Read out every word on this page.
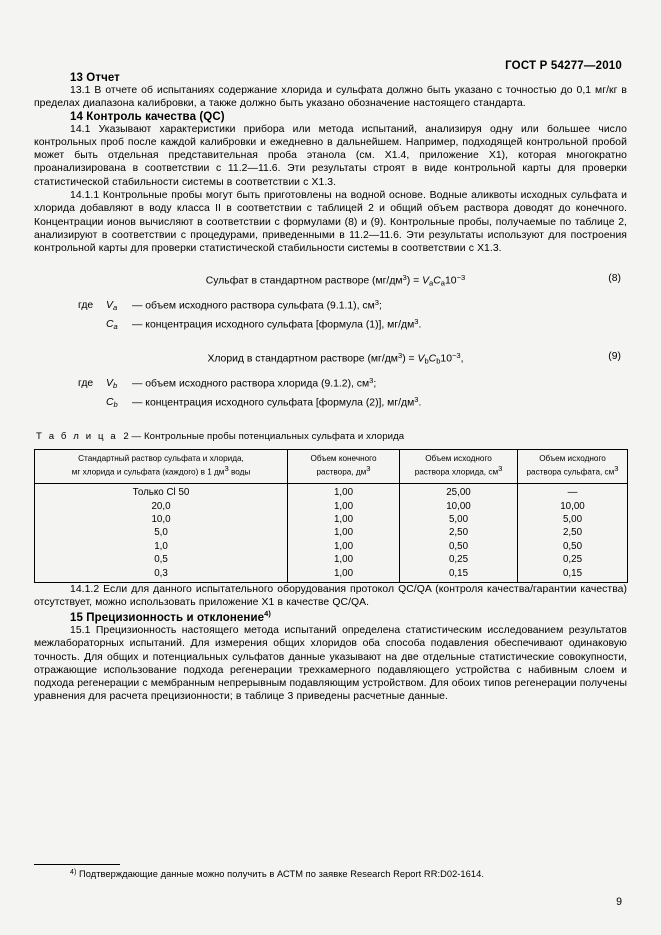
ГОСТ Р 54277—2010
13 Отчет

13.1 В отчете об испытаниях содержание хлорида и сульфата должно быть указано с точностью до 0,1 мг/кг в пределах диапазона калибровки, а также должно быть указано обозначение настоящего стандарта.

14 Контроль качества (QC)

14.1 Указывают характеристики прибора или метода испытаний, анализируя одну или большее число контрольных проб после каждой калибровки и ежедневно в дальнейшем. Например, подходящей контрольной пробой может быть отдельная представительная проба этанола (см. X1.4, приложение X1), которая многократно проанализирована в соответствии с 11.2—11.6. Эти результаты строят в виде контрольной карты для проверки статистической стабильности системы в соответствии с X1.3.

14.1.1 Контрольные пробы могут быть приготовлены на водной основе. Водные аликвоты исходных сульфата и хлорида добавляют в воду класса II в соответствии с таблицей 2 и общий объем раствора доводят до конечного. Концентрации ионов вычисляют в соответствии с формулами (8) и (9). Контрольные пробы, получаемые по таблице 2, анализируют в соответствии с процедурами, приведенными в 11.2—11.6. Эти результаты используют для построения контрольной карты для проверки статистической стабильности системы в соответствии с X1.3.

Сульфат в стандартном растворе $(мг/дм^3) = V_aC_a10^{-3}$	(8)
где $V_a$ — объем исходного раствора сульфата (9.1.1), $см^3$;
$C_a$ — концентрация исходного сульфата [формула (1)], $мг/дм^3$.
Хлорид в стандартном растворе $(мг/дм^3) = V_bC_b10^{-3}$,	(9)
где $V_b$ — объем исходного раствора хлорида (9.1.2), $см^3$;
$C_b$ — концентрация исходного сульфата [формула (2)], $мг/дм^3$.
Т а б л и ц а 2 — Контрольные пробы потенциальных сульфата и хлорида
Стандартный раствор сульфата и хлорида,
мг хлорида и сульфата (каждого) в 1 $дм^3$ воды	Объем конечного
раствора, $дм^3$	Объем исходного
раствора хлорида, $см^3$	Объем исходного
раствора сульфата, $см^3$
Только Cl 50	1,00	25,00	—
20,0	1,00	10,00	10,00
10,0	1,00	5,00	5,00
5,0	1,00	2,50	2,50
1,0	1,00	0,50	0,50
0,5	1,00	0,25	0,25
0,3	1,00	0,15	0,15

14.1.2 Если для данного испытательного оборудования протокол QC/QA (контроля качества/гарантии качества) отсутствует, можно использовать приложение X1 в качестве QC/QA.

15 Прецизионность и отклонение$^{4)}$

15.1 Прецизионность настоящего метода испытаний определена статистическим исследованием результатов межлабораторных испытаний. Для измерения общих хлоридов оба способа подавления обеспечивают одинаковую точность. Для общих и потенциальных сульфатов данные указывают на две отдельные статистические совокупности, отражающие использование подхода регенерации трехкамерного подавляющего устройства с набивным слоем и подхода регенерации с мембранным непрерывным подавляющим устройством. Для обоих типов регенерации получены уравнения для расчета прецизионности; в таблице 3 приведены расчетные данные.

$^{4)}$ Подтверждающие данные можно получить в АСТМ по заявке Research Report RR:D02-1614.
9
